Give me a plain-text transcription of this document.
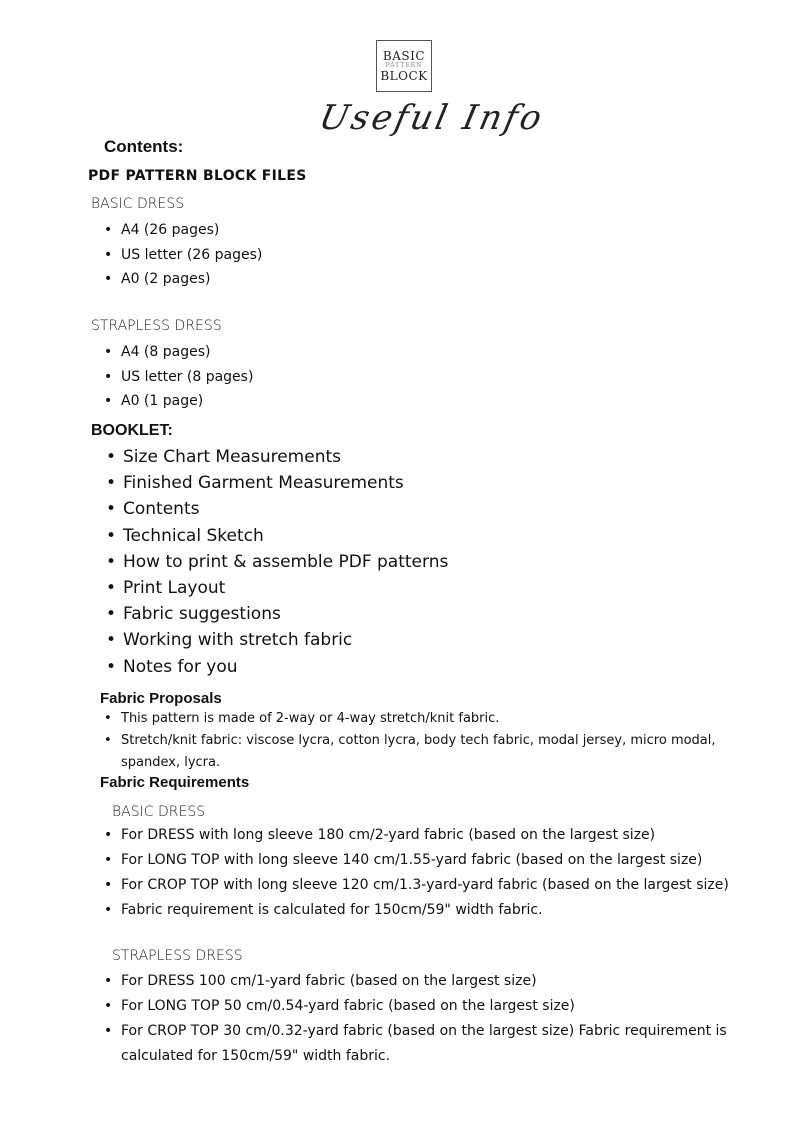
BASIC
PATTERN
BLOCK
Useful Info
Contents:
PDF PATTERN BLOCK FILES
BASIC DRESS
• A4 (26 pages)
• US letter (26 pages)
• A0 (2 pages)
STRAPLESS DRESS
• A4 (8 pages)
• US letter (8 pages)
• A0 (1 page)
BOOKLET:
• Size Chart Measurements
• Finished Garment Measurements
• Contents
• Technical Sketch
• How to print & assemble PDF patterns
• Print Layout
• Fabric suggestions
• Working with stretch fabric
• Notes for you
Fabric Proposals
• This pattern is made of 2-way or 4-way stretch/knit fabric.
• Stretch/knit fabric: viscose lycra, cotton lycra, body tech fabric, modal jersey, micro modal, spandex, lycra.
Fabric Requirements
BASIC DRESS
• For DRESS with long sleeve 180 cm/2-yard fabric (based on the largest size)
• For LONG TOP with long sleeve 140 cm/1.55-yard fabric (based on the largest size)
• For CROP TOP with long sleeve 120 cm/1.3-yard-yard fabric (based on the largest size)
• Fabric requirement is calculated for 150cm/59" width fabric.
STRAPLESS DRESS
• For DRESS 100 cm/1-yard fabric (based on the largest size)
• For LONG TOP 50 cm/0.54-yard fabric (based on the largest size)
• For CROP TOP 30 cm/0.32-yard fabric (based on the largest size) Fabric requirement is calculated for 150cm/59" width fabric.
